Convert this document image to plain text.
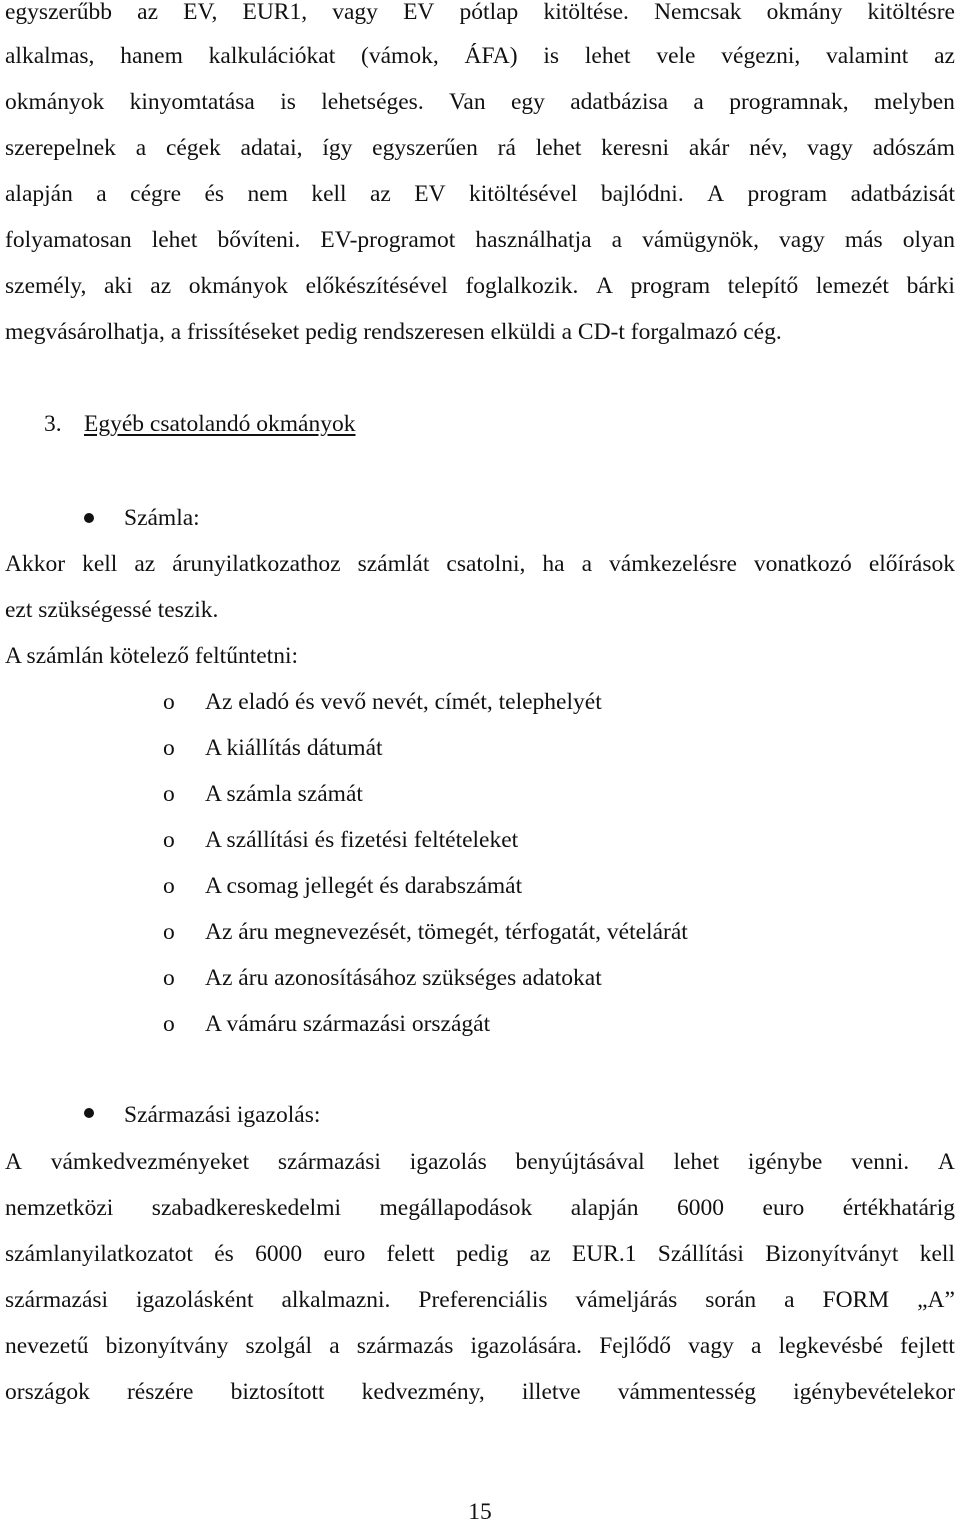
egyszerűbb az EV, EUR1, vagy EV pótlap kitöltése. Nemcsak okmány kitöltésre
alkalmas, hanem kalkulációkat (vámok, ÁFA) is lehet vele végezni, valamint az
okmányok kinyomtatása is lehetséges. Van egy adatbázisa a programnak, melyben
szerepelnek a cégek adatai, így egyszerűen rá lehet keresni akár név, vagy adószám
alapján a cégre és nem kell az EV kitöltésével bajlódni. A program adatbázisát
folyamatosan lehet bővíteni. EV-programot használhatja a vámügynök, vagy más olyan
személy, aki az okmányok előkészítésével foglalkozik. A program telepítő lemezét bárki
megvásárolhatja, a frissítéseket pedig rendszeresen elküldi a CD-t forgalmazó cég.
3. Egyéb csatolandó okmányok
Számla:
Akkor kell az árunyilatkozathoz számlát csatolni, ha a vámkezelésre vonatkozó előírások
ezt szükségessé teszik.
A számlán kötelező feltűntetni:
o Az eladó és vevő nevét, címét, telephelyét
o A kiállítás dátumát
o A számla számát
o A szállítási és fizetési feltételeket
o A csomag jellegét és darabszámát
o Az áru megnevezését, tömegét, térfogatát, vételárát
o Az áru azonosításához szükséges adatokat
o A vámáru származási országát
Származási igazolás:
A vámkedvezményeket származási igazolás benyújtásával lehet igénybe venni. A
nemzetközi szabadkereskedelmi megállapodások alapján 6000 euro értékhatárig
számlanyilatkozatot és 6000 euro felett pedig az EUR.1 Szállítási Bizonyítványt kell
származási igazolásként alkalmazni. Preferenciális vámeljárás során a FORM „A”
nevezetű bizonyítvány szolgál a származás igazolására. Fejlődő vagy a legkevésbé fejlett
országok részére biztosított kedvezmény, illetve vámmentesség igénybevételekor
15
